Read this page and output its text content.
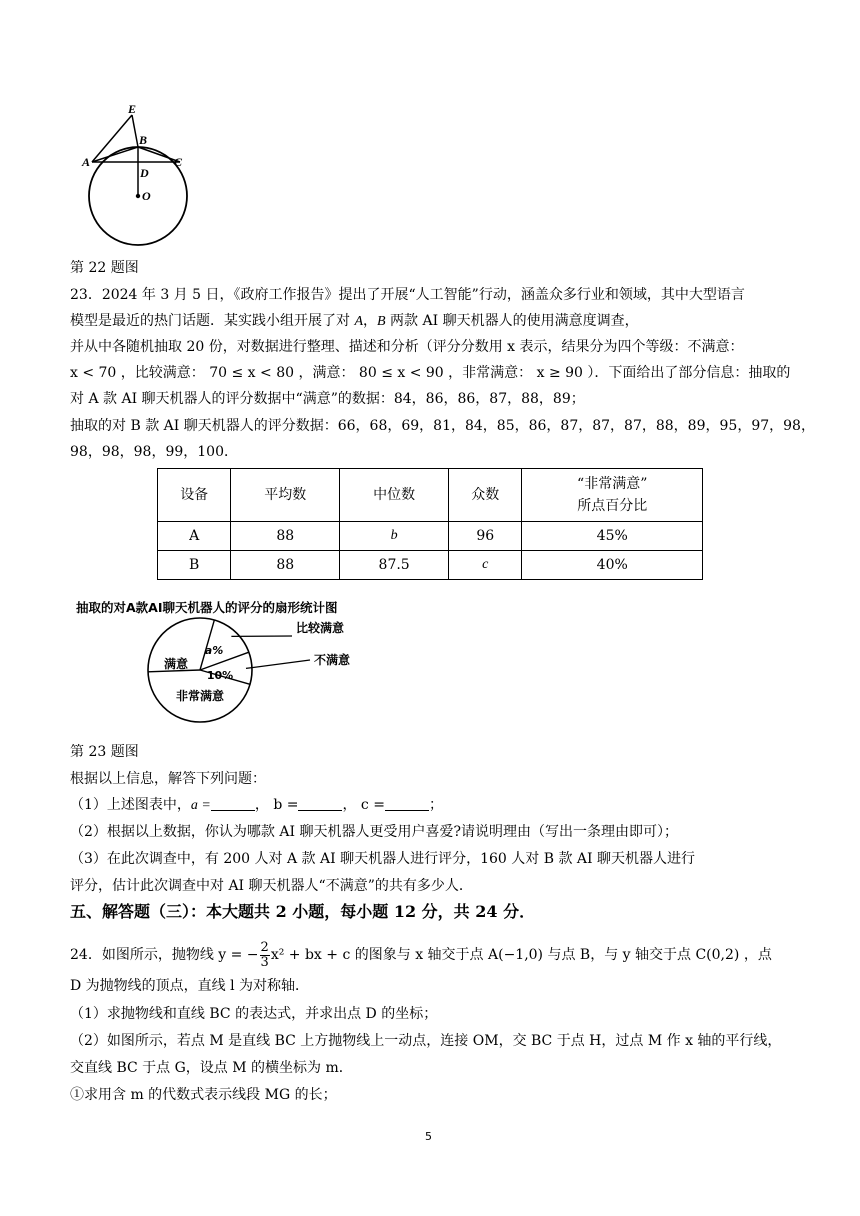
E
B
A	C
D
O
第 22 题图
23．2024 年 3 月 5 日，《政府工作报告》提出了开展“人工智能”行动，涵盖众多行业和领域，其中大型语言
模型是最近的热门话题．某实践小组开展了对 A，B 两款 AI 聊天机器人的使用满意度调查，
并从中各随机抽取 20 份，对数据进行整理、描述和分析（评分分数用 x 表示，结果分为四个等级：不满意：
x < 70 ，比较满意： 70 ≤ x < 80 ，满意： 80 ≤ x < 90 ，非常满意： x ≥ 90 ）．下面给出了部分信息：抽取的
对 A 款 AI 聊天机器人的评分数据中“满意”的数据：84，86，86，87，88，89；
抽取的对 B 款 AI 聊天机器人的评分数据：66，68，69，81，84，85，86，87，87，87，88，89，95，97，98，
98，98，98，99，100．
设备	平均数	中位数	众数	“非常满意”
所点百分比
A	88	b	96	45%
B	88	87.5	c	40%
抽取的对A款AI聊天机器人的评分的扇形统计图
非常满意
满意
a%
比较满意
10%
不满意
第 23 题图
根据以上信息，解答下列问题：
（1）上述图表中，a =	， b =	， c =	；
（2）根据以上数据，你认为哪款 AI 聊天机器人更受用户喜爱?请说明理由（写出一条理由即可）；
（3）在此次调查中，有 200 人对 A 款 AI 聊天机器人进行评分，160 人对 B 款 AI 聊天机器人进行
评分，估计此次调查中对 AI 聊天机器人“不满意”的共有多少人．
五、解答题（三）：本大题共 2 小题，每小题 12 分，共 24 分．
24．如图所示，抛物线 y = − $\frac{2}{3} x^2$ + bx + c 的图象与 x 轴交于点 A(−1,0) 与点 B，与 y 轴交于点 C(0,2) ，点
D 为抛物线的顶点，直线 l 为对称轴．
（1）求抛物线和直线 BC 的表达式，并求出点 D 的坐标；
（2）如图所示，若点 M 是直线 BC 上方抛物线上一动点，连接 OM，交 BC 于点 H，过点 M 作 x 轴的平行线，
交直线 BC 于点 G，设点 M 的横坐标为 m．
①求用含 m 的代数式表示线段 MG 的长；
5
